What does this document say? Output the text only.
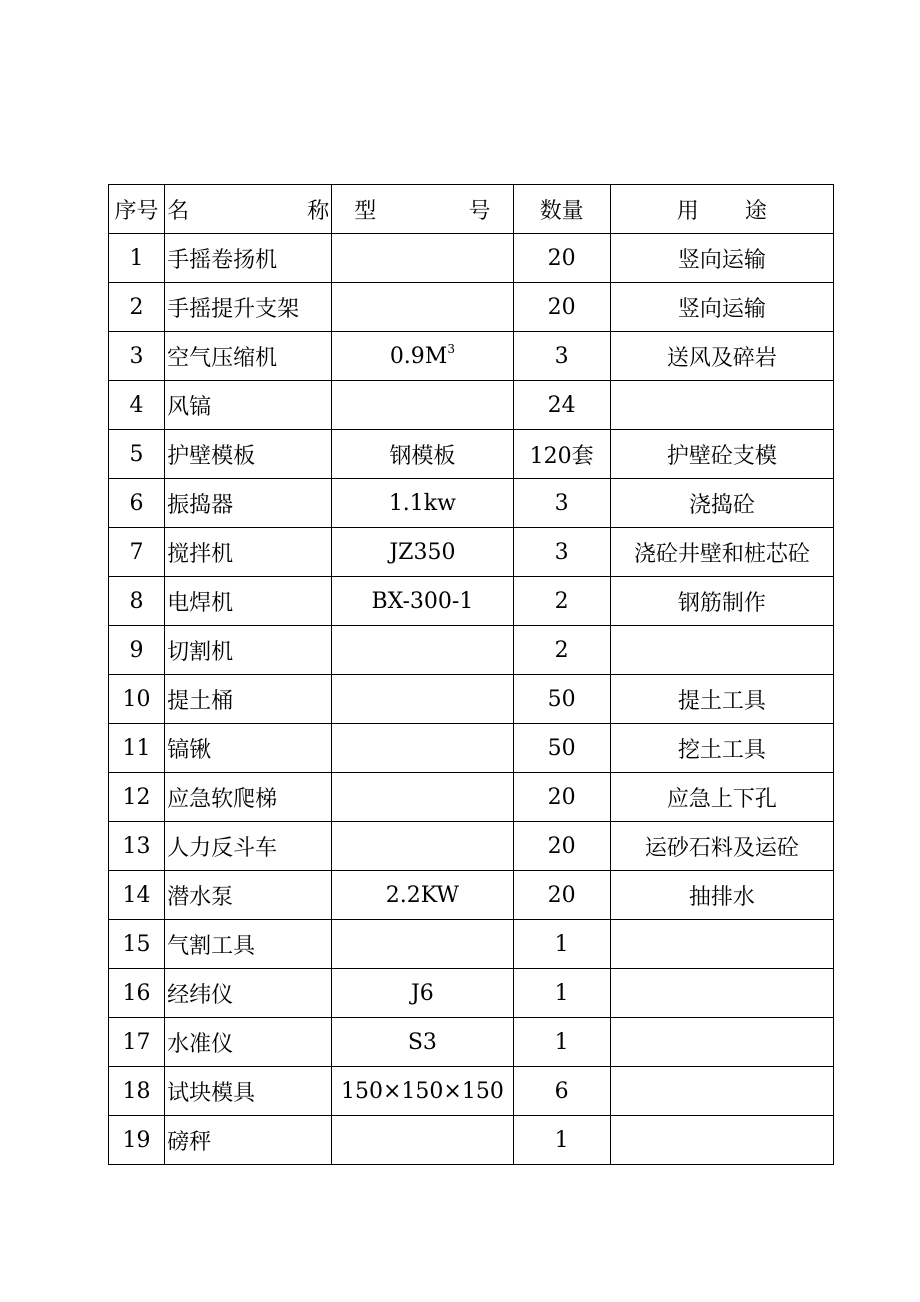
序号	名 称	型 号	数量	用 途

1	手摇卷扬机		20	竖向运输
2	手摇提升支架		20	竖向运输
3	空气压缩机	$0.9M^3$	3	送风及碎岩
4	风镐		24	
5	护壁模板	钢模板	120套	护壁砼支模
6	振捣器	1.1kw	3	浇捣砼
7	搅拌机	JZ350	3	浇砼井壁和桩芯砼
8	电焊机	BX-300-1	2	钢筋制作
9	切割机		2	
10	提土桶		50	提土工具
11	镐锹		50	挖土工具
12	应急软爬梯		20	应急上下孔
13	人力反斗车		20	运砂石料及运砼
14	潜水泵	2.2KW	20	抽排水
15	气割工具		1	
16	经纬仪	J6	1	
17	水准仪	S3	1	
18	试块模具	150×150×150	6	
19	磅秤		1	
